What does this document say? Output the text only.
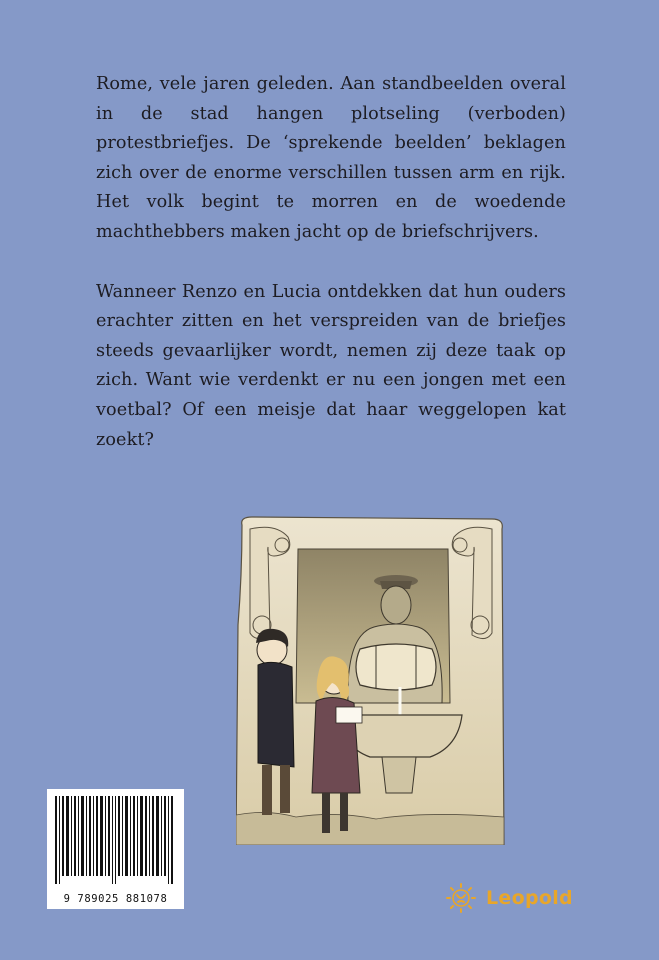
Rome, vele jaren geleden. Aan standbeelden overal in de stad hangen plotseling (verboden) protestbriefjes. De ‘sprekende beelden’ beklagen zich over de enorme verschillen tussen arm en rijk. Het volk begint te morren en de woedende machthebbers maken jacht op de briefschrijvers.

Wanneer Renzo en Lucia ontdekken dat hun ouders erachter zitten en het verspreiden van de briefjes steeds gevaarlijker wordt, nemen zij deze taak op zich. Want wie verdenkt er nu een jongen met een voetbal? Of een meisje dat haar weggelopen kat zoekt?

9 789025 881078	Leopold
